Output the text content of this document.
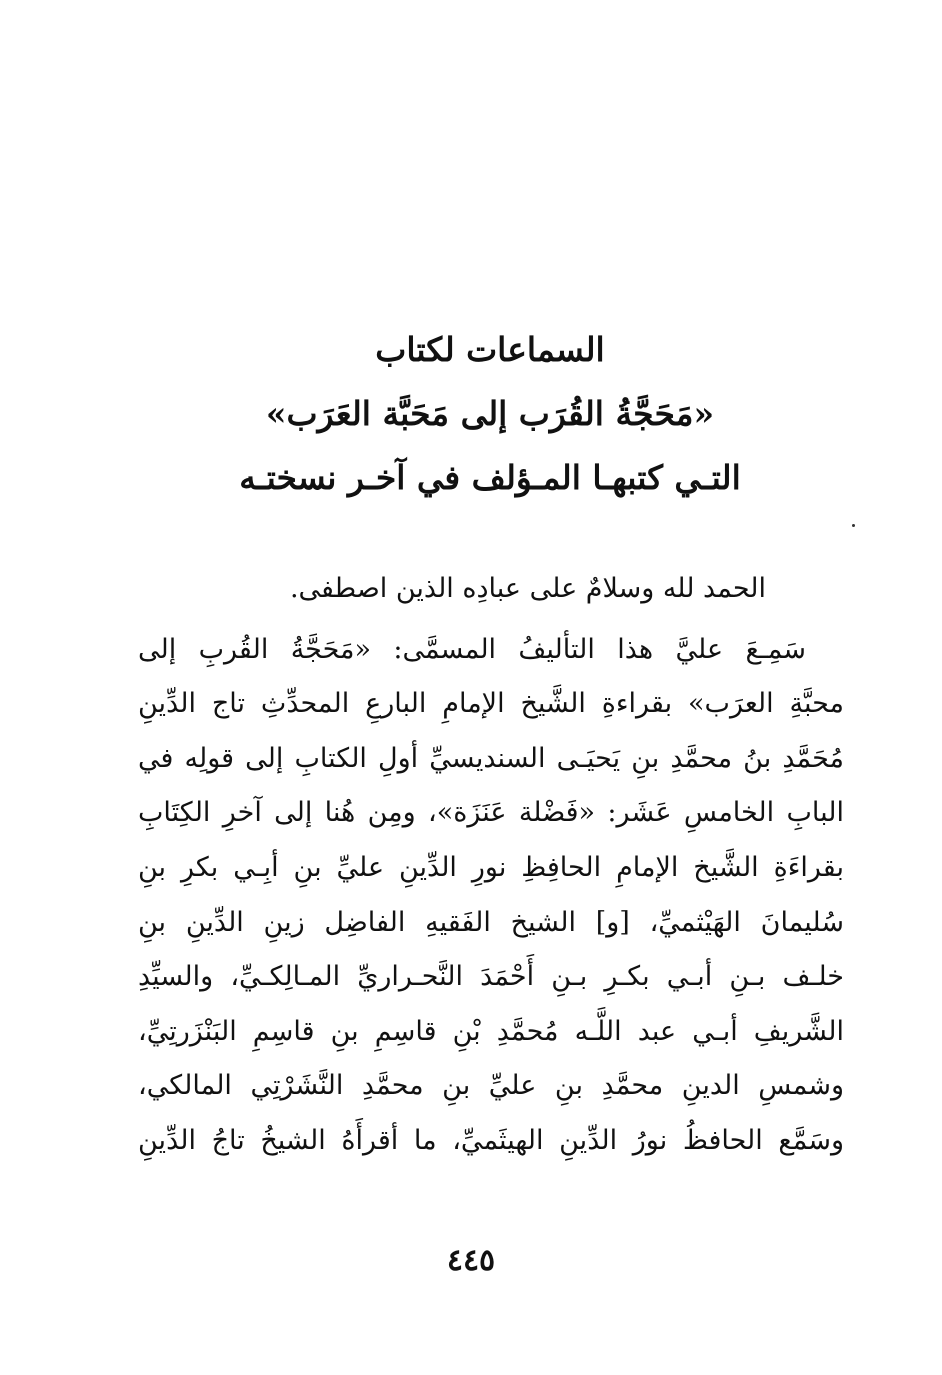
السماعات لكتاب
«مَحَجَّةُ القُرَب إلى مَحَبَّة العَرَب»
التـي كتبهـا المـؤلف في آخـر نسختـه

الحمد لله وسلامٌ على عبادِه الذين اصطفى.

سَمِـعَ عليَّ هذا التأليفُ المسمَّى: «مَحَجَّةُ القُربِ إلى
محبَّةِ العرَب» بقراءةِ الشَّيخ الإمامِ البارعِ المحدِّثِ تاج الدِّينِ
مُحَمَّدِ بنُ محمَّدِ بنِ يَحيَـى السنديسيِّ أولِ الكتابِ إلى قولِه في
البابِ الخامسِ عَشَر: «فَضْلة عَنَزَة»، ومِن هُنا إلى آخرِ الكِتَابِ
بقراءَةِ الشَّيخ الإمامِ الحافِظِ نورِ الدِّينِ عليِّ بنِ أبِـي بكرِ بنِ
سُليمانَ الهَيْثميِّ، [و] الشيخ الفَقيهِ الفاضِل زينِ الدِّينِ بنِ
خلـف بـنِ أبـي بكـرِ بـنِ أَحْمَدَ النَّحـراريِّ المـالِكـيِّ، والسيِّدِ
الشَّريفِ أبـي عبد اللَّـه مُحمَّدِ بْنِ قاسِمِ بنِ قاسِمِ البَنْزَرتِيِّ،
وشمسِ الدينِ محمَّدِ بنِ عليِّ بنِ محمَّدِ النَّشَرْتِي المالكي،
وسَمَّع الحافظُ نورُ الدِّينِ الهيثَميِّ، ما أقرأَهُ الشيخُ تاجُ الدِّينِ

٤٤٥
